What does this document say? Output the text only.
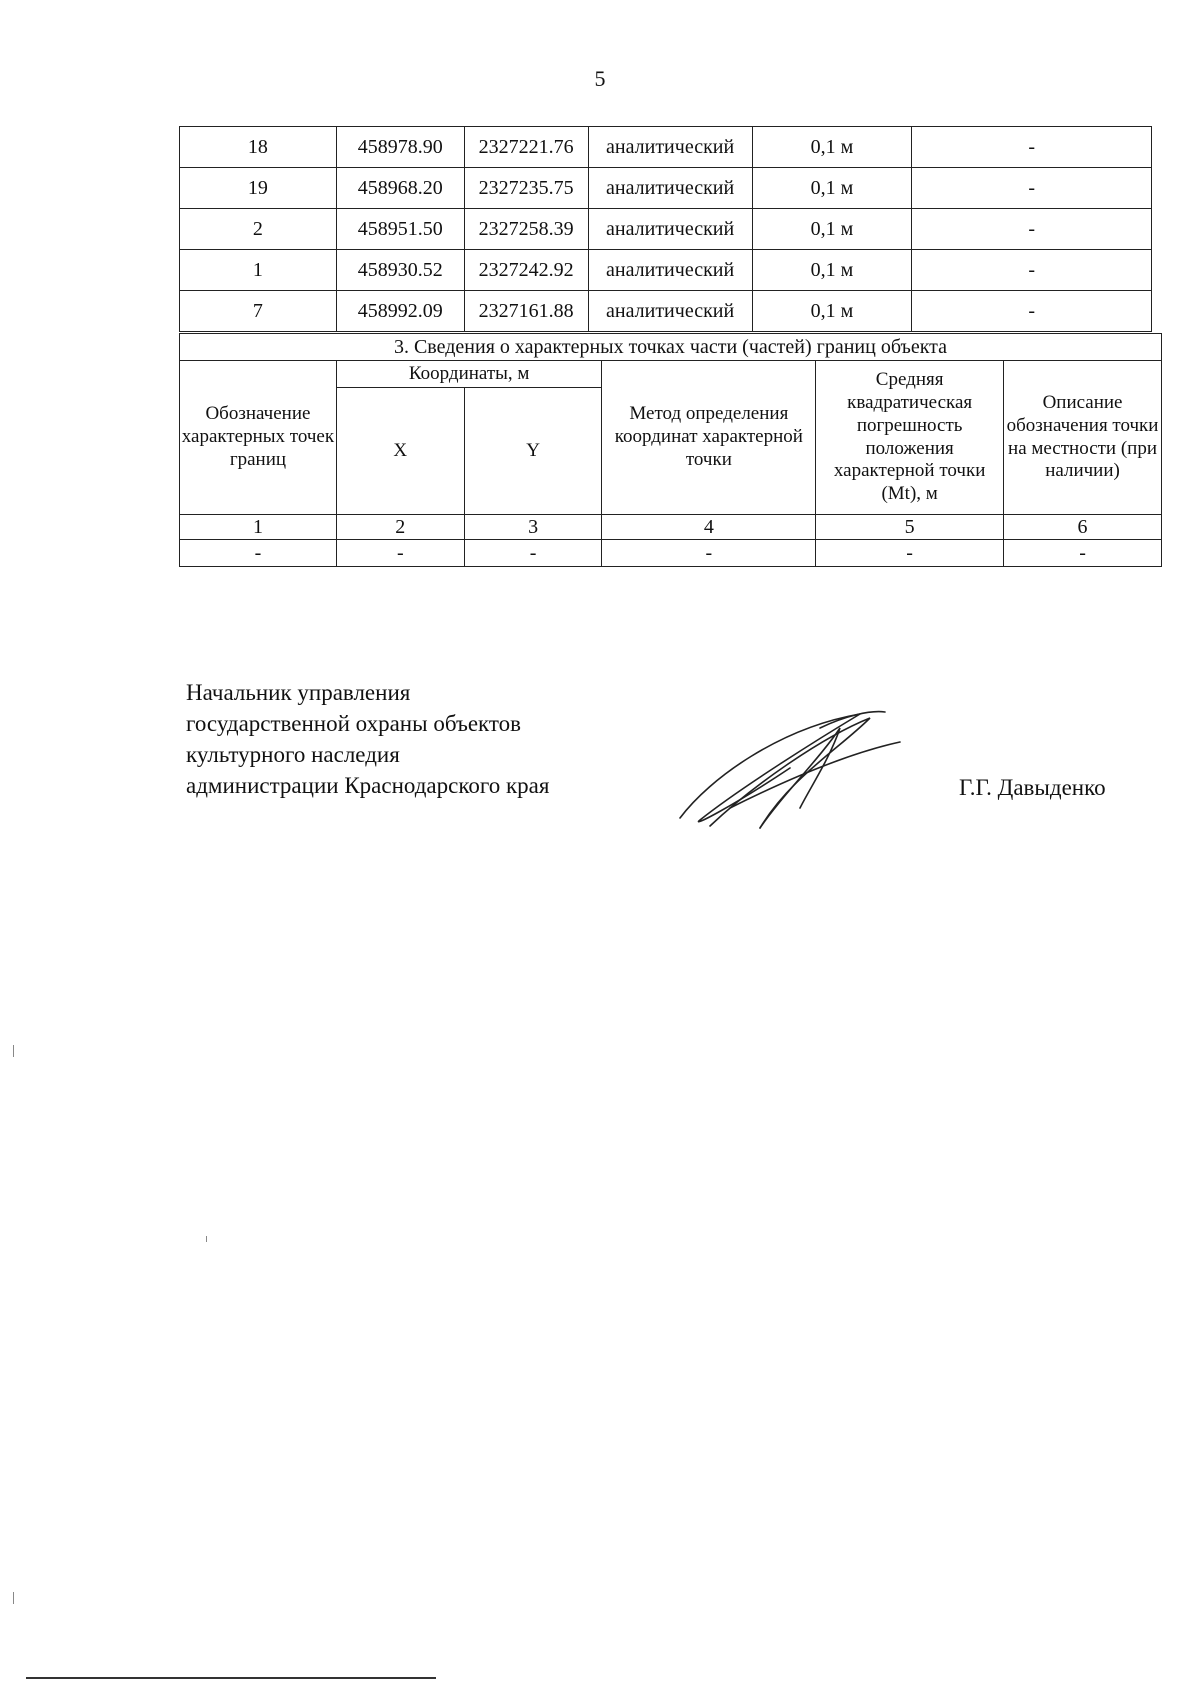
5
18	458978.90	2327221.76	аналитический	0,1 м	-
19	458968.20	2327235.75	аналитический	0,1 м	-
2	458951.50	2327258.39	аналитический	0,1 м	-
1	458930.52	2327242.92	аналитический	0,1 м	-
7	458992.09	2327161.88	аналитический	0,1 м	-
3. Сведения о характерных точках части (частей) границ объекта					
Обозначение характерных точек границ	Координаты, м		Метод определения координат характерной точки	Средняя квадратическая погрешность положения характерной точки (Mt), м	Описание обозначения точки на местности (при наличии)
	X	Y			
1	2	3	4	5	6
-	-	-	-	-	-
Начальник управления
государственной охраны объектов
культурного наследия
администрации Краснодарского края	Г.Г. Давыденко
